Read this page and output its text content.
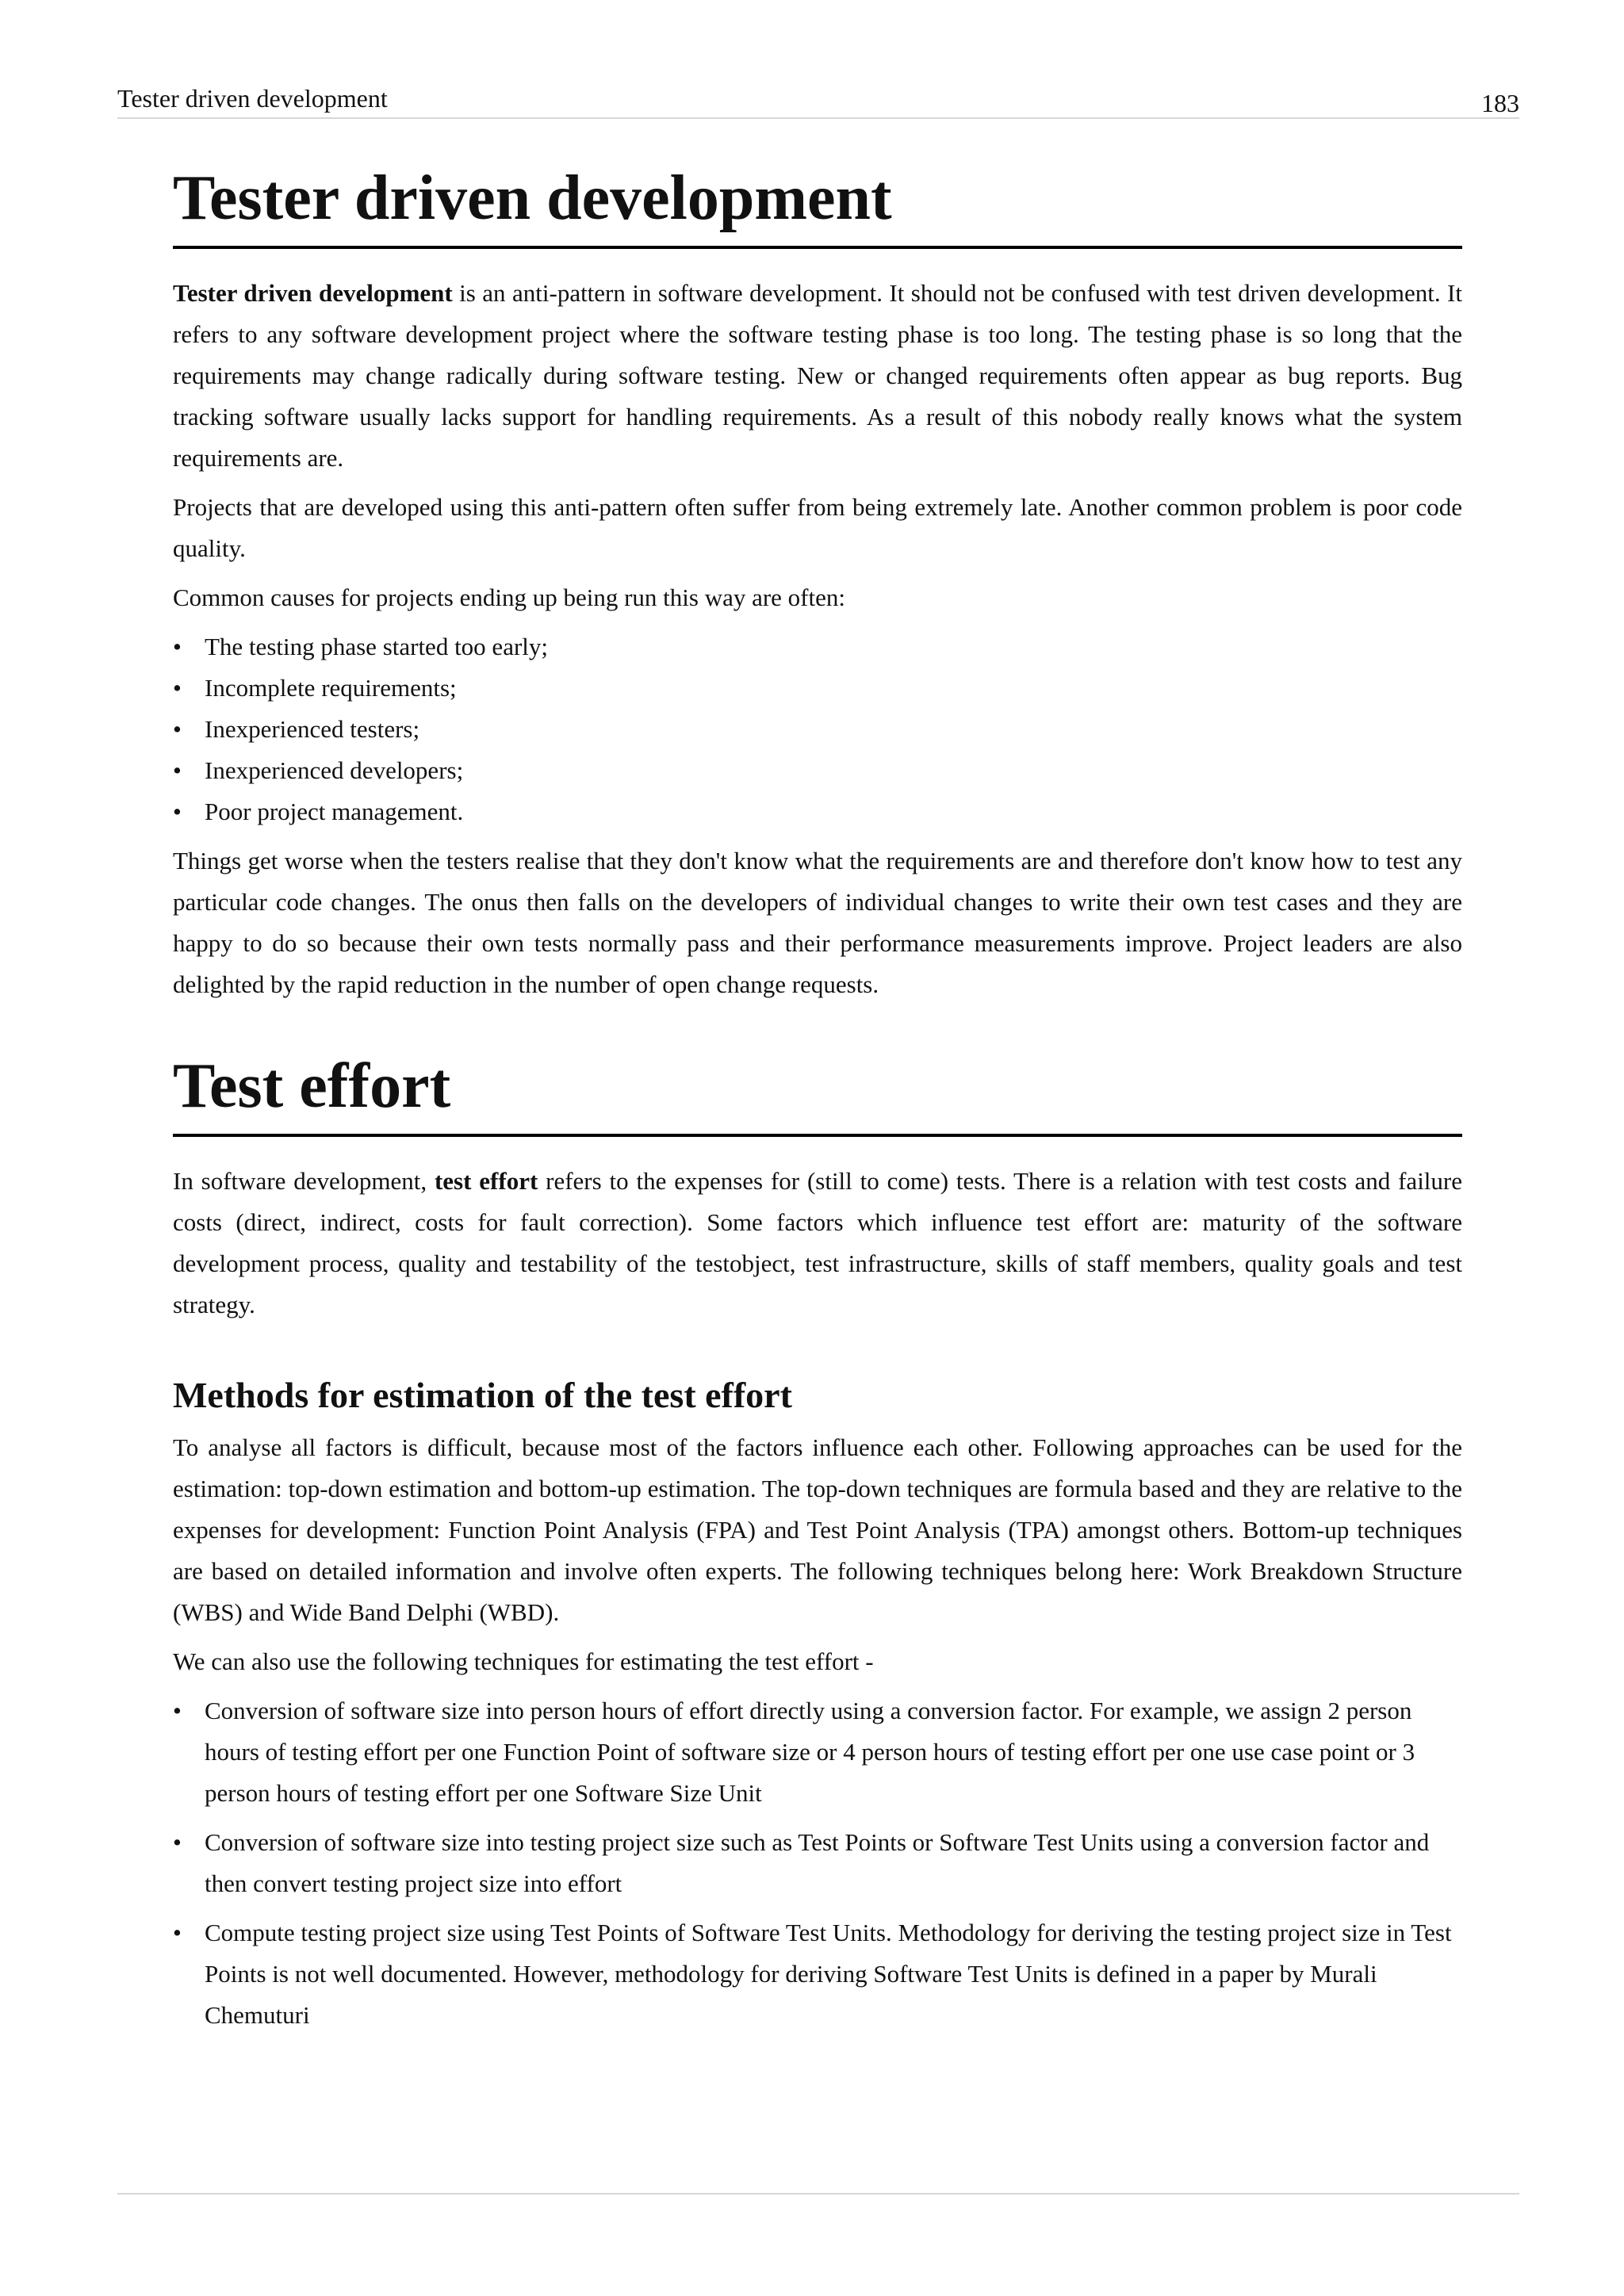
Tester driven development	183
Tester driven development

Tester driven development is an anti-pattern in software development. It should not be confused with test driven development. It refers to any software development project where the software testing phase is too long. The testing phase is so long that the requirements may change radically during software testing. New or changed requirements often appear as bug reports. Bug tracking software usually lacks support for handling requirements. As a result of this nobody really knows what the system requirements are.

Projects that are developed using this anti-pattern often suffer from being extremely late. Another common problem is poor code quality.

Common causes for projects ending up being run this way are often:

• The testing phase started too early;
• Incomplete requirements;
• Inexperienced testers;
• Inexperienced developers;
• Poor project management.

Things get worse when the testers realise that they don't know what the requirements are and therefore don't know how to test any particular code changes. The onus then falls on the developers of individual changes to write their own test cases and they are happy to do so because their own tests normally pass and their performance measurements improve. Project leaders are also delighted by the rapid reduction in the number of open change requests.

Test effort

In software development, test effort refers to the expenses for (still to come) tests. There is a relation with test costs and failure costs (direct, indirect, costs for fault correction). Some factors which influence test effort are: maturity of the software development process, quality and testability of the testobject, test infrastructure, skills of staff members, quality goals and test strategy.

Methods for estimation of the test effort

To analyse all factors is difficult, because most of the factors influence each other. Following approaches can be used for the estimation: top-down estimation and bottom-up estimation. The top-down techniques are formula based and they are relative to the expenses for development: Function Point Analysis (FPA) and Test Point Analysis (TPA) amongst others. Bottom-up techniques are based on detailed information and involve often experts. The following techniques belong here: Work Breakdown Structure (WBS) and Wide Band Delphi (WBD).

We can also use the following techniques for estimating the test effort -

• Conversion of software size into person hours of effort directly using a conversion factor. For example, we assign 2 person hours of testing effort per one Function Point of software size or 4 person hours of testing effort per one use case point or 3 person hours of testing effort per one Software Size Unit
• Conversion of software size into testing project size such as Test Points or Software Test Units using a conversion factor and then convert testing project size into effort
• Compute testing project size using Test Points of Software Test Units. Methodology for deriving the testing project size in Test Points is not well documented. However, methodology for deriving Software Test Units is defined in a paper by Murali Chemuturi
